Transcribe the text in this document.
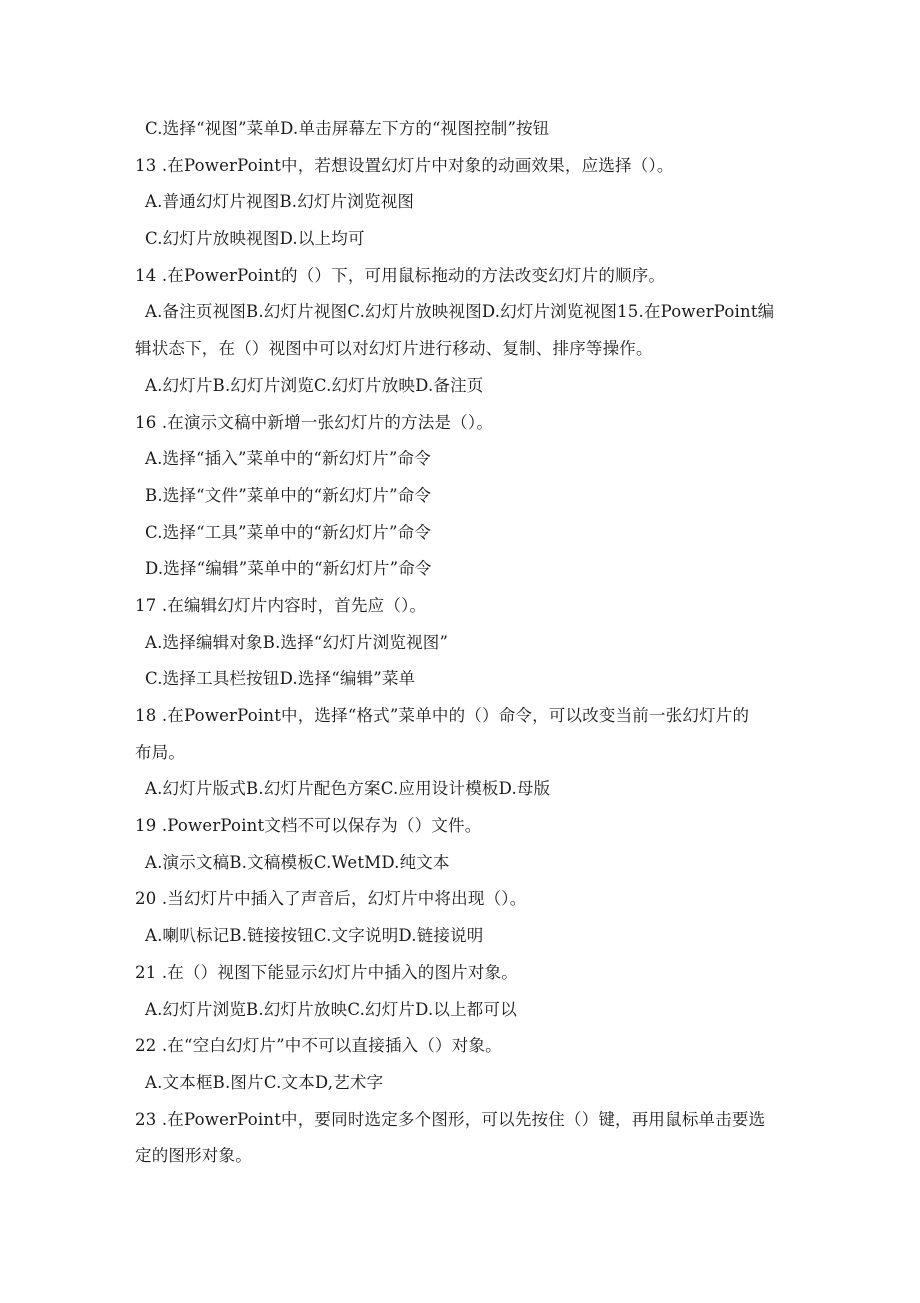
C.选择“视图”菜单D.单击屏幕左下方的“视图控制”按钮
13 .在PowerPoint中，若想设置幻灯片中对象的动画效果，应选择（）。
A.普通幻灯片视图B.幻灯片浏览视图
C.幻灯片放映视图D.以上均可
14 .在PowerPoint的（）下，可用鼠标拖动的方法改变幻灯片的顺序。
A.备注页视图B.幻灯片视图C.幻灯片放映视图D.幻灯片浏览视图15.在PowerPoint编
辑状态下，在（）视图中可以对幻灯片进行移动、复制、排序等操作。
A.幻灯片B.幻灯片浏览C.幻灯片放映D.备注页
16 .在演示文稿中新增一张幻灯片的方法是（）。
A.选择“插入”菜单中的“新幻灯片”命令
B.选择“文件”菜单中的“新幻灯片”命令
C.选择“工具”菜单中的“新幻灯片”命令
D.选择“编辑”菜单中的“新幻灯片”命令
17 .在编辑幻灯片内容时，首先应（）。
A.选择编辑对象B.选择“幻灯片浏览视图”
C.选择工具栏按钮D.选择“编辑”菜单
18 .在PowerPoint中，选择“格式”菜单中的（）命令，可以改变当前一张幻灯片的
布局。
A.幻灯片版式B.幻灯片配色方案C.应用设计模板D.母版
19 .PowerPoint文档不可以保存为（）文件。
A.演示文稿B.文稿模板C.WetMD.纯文本
20 .当幻灯片中插入了声音后，幻灯片中将出现（）。
A.喇叭标记B.链接按钮C.文字说明D.链接说明
21 .在（）视图下能显示幻灯片中插入的图片对象。
A.幻灯片浏览B.幻灯片放映C.幻灯片D.以上都可以
22 .在“空白幻灯片”中不可以直接插入（）对象。
A.文本框B.图片C.文本D,艺术字
23 .在PowerPoint中，要同时选定多个图形，可以先按住（）键，再用鼠标单击要选
定的图形对象。
